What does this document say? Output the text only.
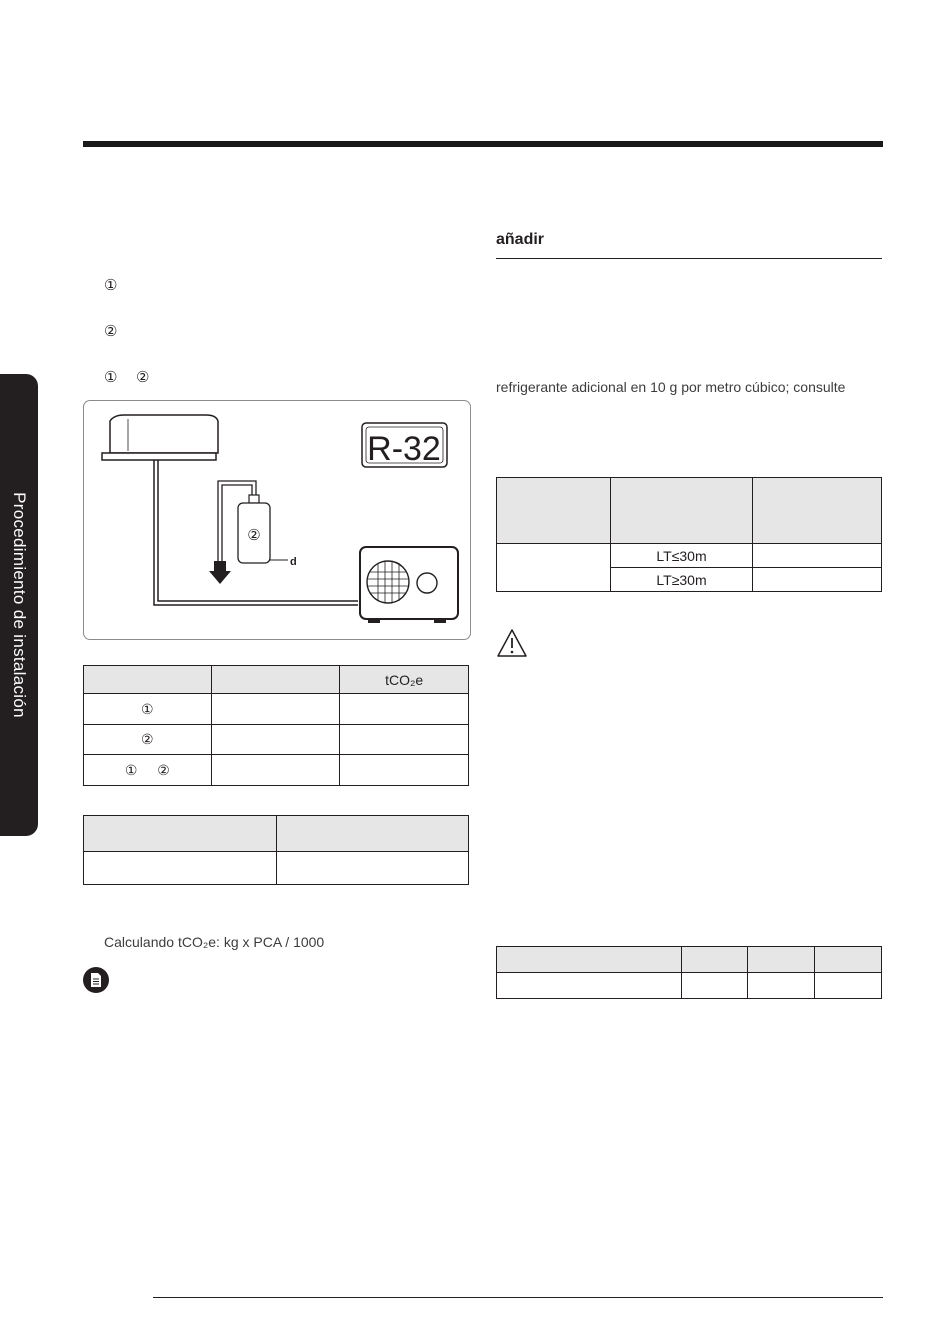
Procedimiento de instalación
①
②
① ②
②
d
R-32
		tCO₂e
①		
②		
① ②		

Calculando tCO₂e: kg x PCA / 1000
añadir
refrigerante adicional en 10 g por metro cúbico; consulte

	LT≤30m	
	LT≥30m	
